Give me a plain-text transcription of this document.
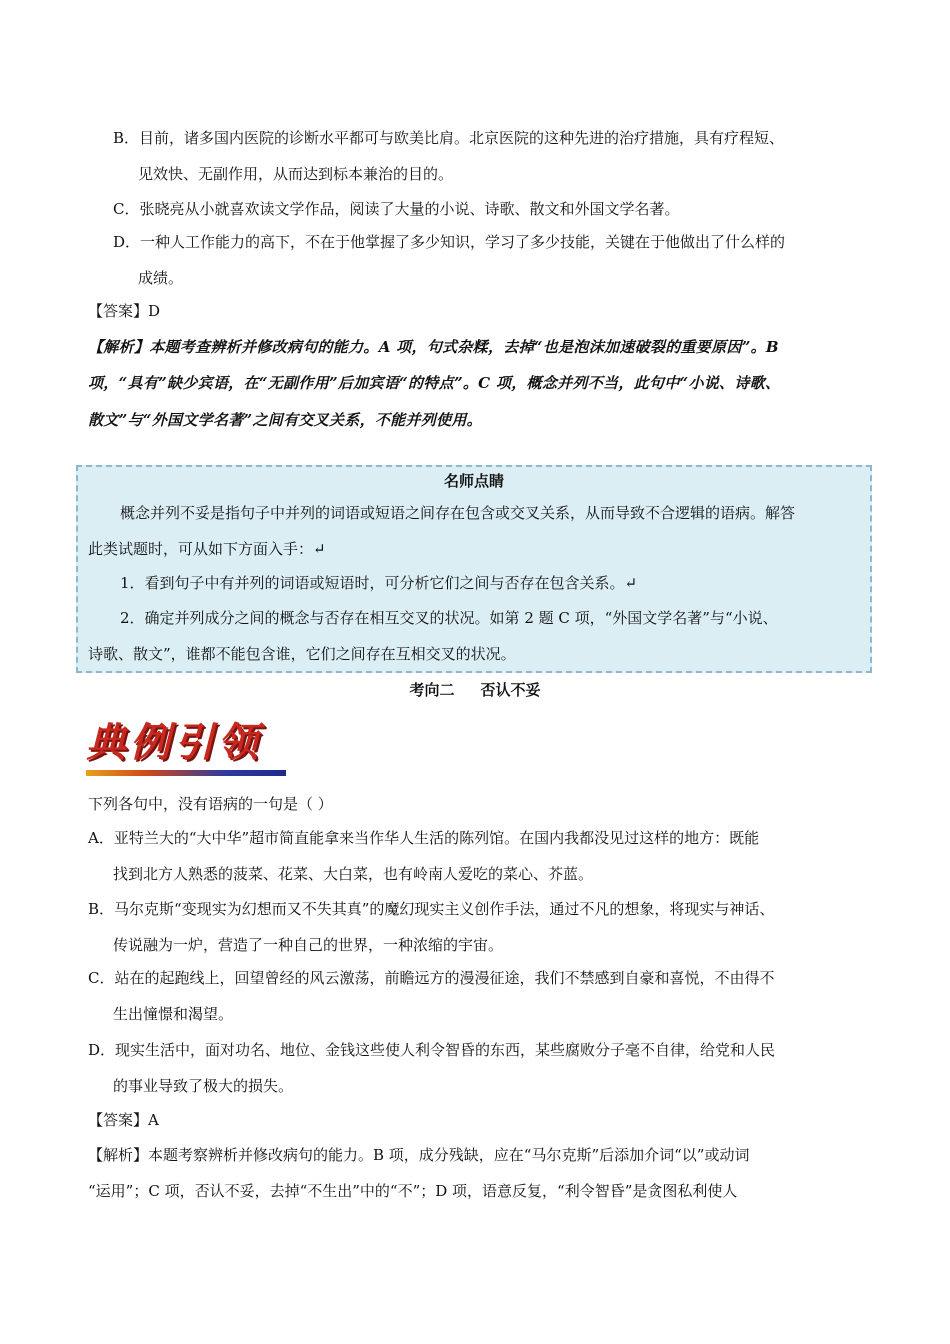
B．目前，诸多国内医院的诊断水平都可与欧美比肩。北京医院的这种先进的治疗措施，具有疗程短、
见效快、无副作用，从而达到标本兼治的目的。
C．张晓亮从小就喜欢读文学作品，阅读了大量的小说、诗歌、散文和外国文学名著。
D．一种人工作能力的高下，不在于他掌握了多少知识，学习了多少技能，关键在于他做出了什么样的
成绩。
【答案】D
【解析】本题考查辨析并修改病句的能力。A 项，句式杂糅，去掉“也是泡沫加速破裂的重要原因”。B
项，“具有”缺少宾语，在“无副作用”后加宾语“的特点”。C 项，概念并列不当，此句中“小说、诗歌、
散文”与“外国文学名著”之间有交叉关系，不能并列使用。
名师点睛
概念并列不妥是指句子中并列的词语或短语之间存在包含或交叉关系，从而导致不合逻辑的语病。解答
此类试题时，可从如下方面入手：↵
1．看到句子中有并列的词语或短语时，可分析它们之间与否存在包含关系。↵
2．确定并列成分之间的概念与否存在相互交叉的状况。如第 2 题 C 项，“外国文学名著”与“小说、
诗歌、散文”，谁都不能包含谁，它们之间存在互相交叉的状况。
考向二     否认不妥
典例引领
下列各句中，没有语病的一句是（ ）
A．亚特兰大的“大中华”超市简直能拿来当作华人生活的陈列馆。在国内我都没见过这样的地方：既能
找到北方人熟悉的菠菜、花菜、大白菜，也有岭南人爱吃的菜心、芥蓝。
B．马尔克斯“变现实为幻想而又不失其真”的魔幻现实主义创作手法，通过不凡的想象，将现实与神话、
传说融为一炉，营造了一种自己的世界，一种浓缩的宇宙。
C．站在的起跑线上，回望曾经的风云激荡，前瞻远方的漫漫征途，我们不禁感到自豪和喜悦，不由得不
生出憧憬和渴望。
D．现实生活中，面对功名、地位、金钱这些使人利令智昏的东西，某些腐败分子毫不自律，给党和人民
的事业导致了极大的损失。
【答案】A
【解析】本题考察辨析并修改病句的能力。B 项，成分残缺，应在“马尔克斯”后添加介词“以”或动词
“运用”；C 项，否认不妥，去掉“不生出”中的“不”；D 项，语意反复，“利令智昏”是贪图私利使人
